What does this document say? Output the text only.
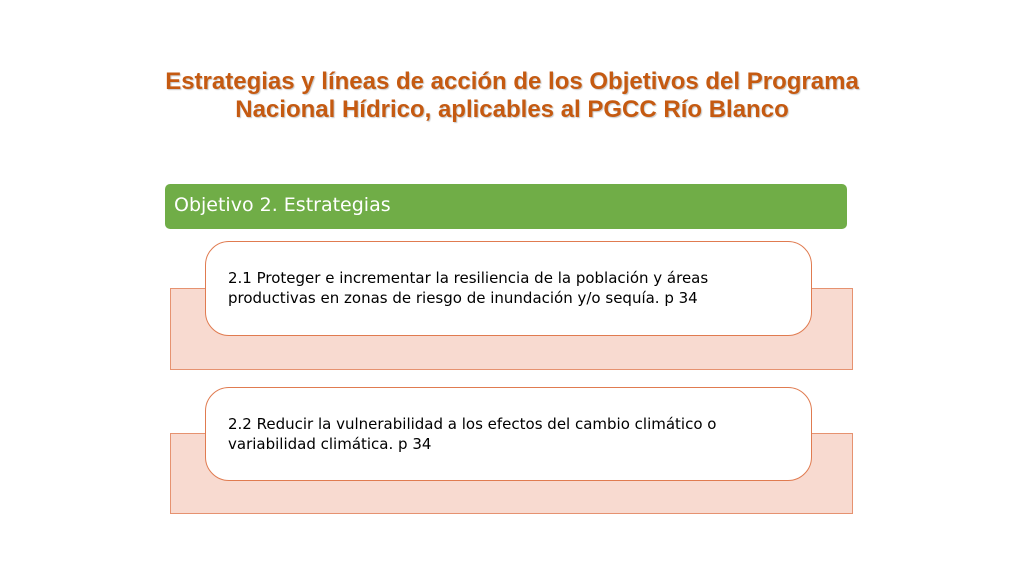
Estrategias y líneas de acción de los Objetivos del Programa Nacional Hídrico, aplicables al PGCC Río Blanco
Objetivo 2. Estrategias

2.1 Proteger e incrementar la resiliencia de la población y áreas productivas en zonas de riesgo de inundación y/o sequía. p 34

2.2 Reducir la vulnerabilidad a los efectos del cambio climático o variabilidad climática. p 34
